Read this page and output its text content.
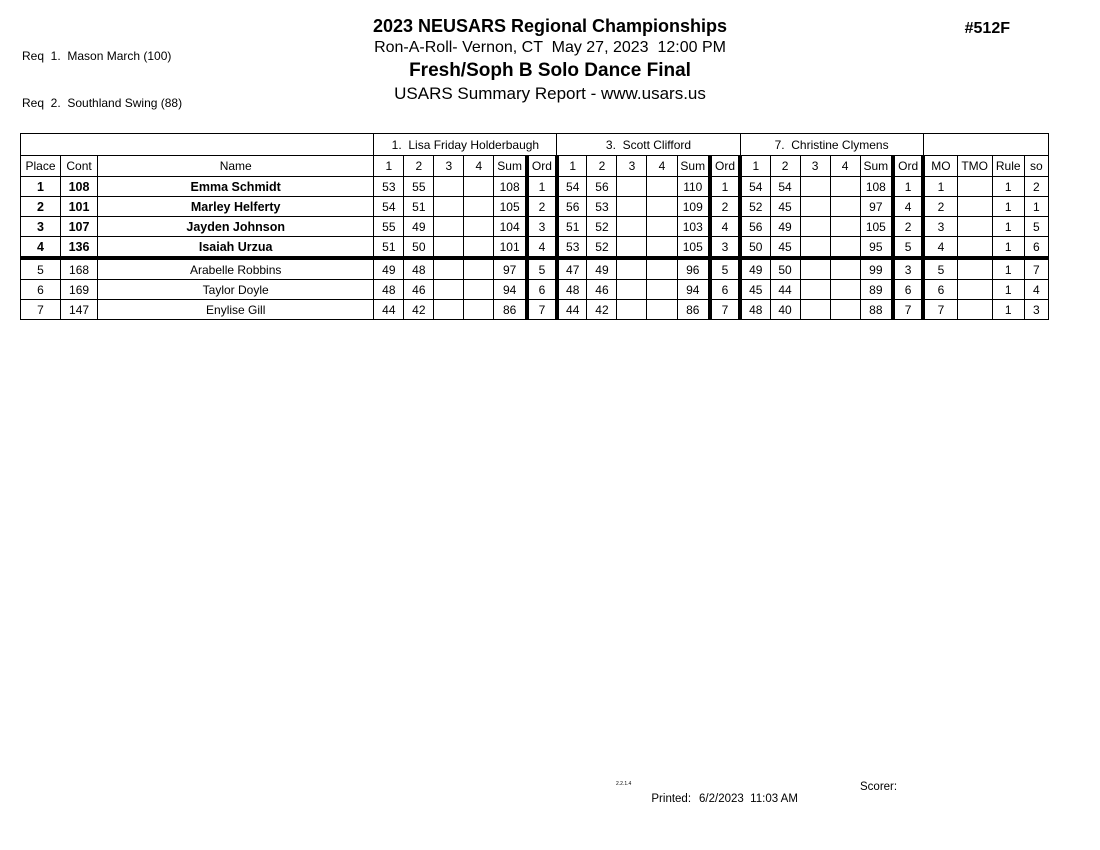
Req  1.  Mason March (100)

Req  2.  Southland Swing (88)

2023 NEUSARS Regional Championships
Ron-A-Roll- Vernon, CT  May 27, 2023  12:00 PM
Fresh/Soph B Solo Dance Final
USARS Summary Report - www.usars.us
#512F
			1.  Lisa Friday Holderbaugh						3.  Scott Clifford						7.  Christine Clymens									
Place	Cont	Name	1	2	3	4	Sum	Ord	1	2	3	4	Sum	Ord	1	2	3	4	Sum	Ord	MO	TMO	Rule	so
1	108	Emma Schmidt	53	55			108	1	54	56			110	1	54	54			108	1	1		1	2
2	101	Marley Helferty	54	51			105	2	56	53			109	2	52	45			97	4	2		1	1
3	107	Jayden Johnson	55	49			104	3	51	52			103	4	56	49			105	2	3		1	5
4	136	Isaiah Urzua	51	50			101	4	53	52			105	3	50	45			95	5	4		1	6
5	168	Arabelle Robbins	49	48			97	5	47	49			96	5	49	50			99	3	5		1	7
6	169	Taylor Doyle	48	46			94	6	48	46			94	6	45	44			89	6	6		1	4
7	147	Enylise Gill	44	42			86	7	44	42			86	7	48	40			88	7	7		1	3
2.2.1.4

Printed: 6/2/2023  11:03 AM

Scorer:
